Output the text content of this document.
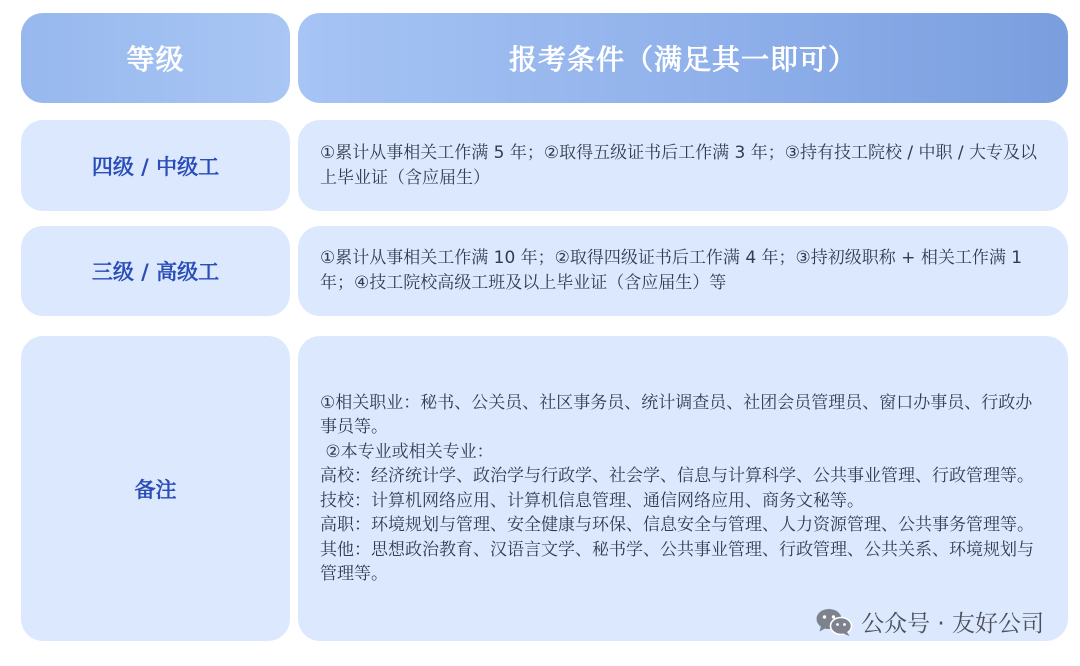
等级	报考条件（满足其一即可）
四级 / 中级工
①累计从事相关工作满 5 年；②取得五级证书后工作满 3 年；③持有技工院校 / 中职 / 大专及以上毕业证（含应届生）
三级 / 高级工
①累计从事相关工作满 10 年；②取得四级证书后工作满 4 年；③持初级职称 + 相关工作满 1 年；④技工院校高级工班及以上毕业证（含应届生）等
备注
①相关职业：秘书、公关员、社区事务员、统计调查员、社团会员管理员、窗口办事员、行政办事员等。
②本专业或相关专业：
高校：经济统计学、政治学与行政学、社会学、信息与计算科学、公共事业管理、行政管理等。
技校：计算机网络应用、计算机信息管理、通信网络应用、商务文秘等。
高职：环境规划与管理、安全健康与环保、信息安全与管理、人力资源管理、公共事务管理等。
其他：思想政治教育、汉语言文学、秘书学、公共事业管理、行政管理、公共关系、环境规划与管理等。
公众号 · 友好公司
